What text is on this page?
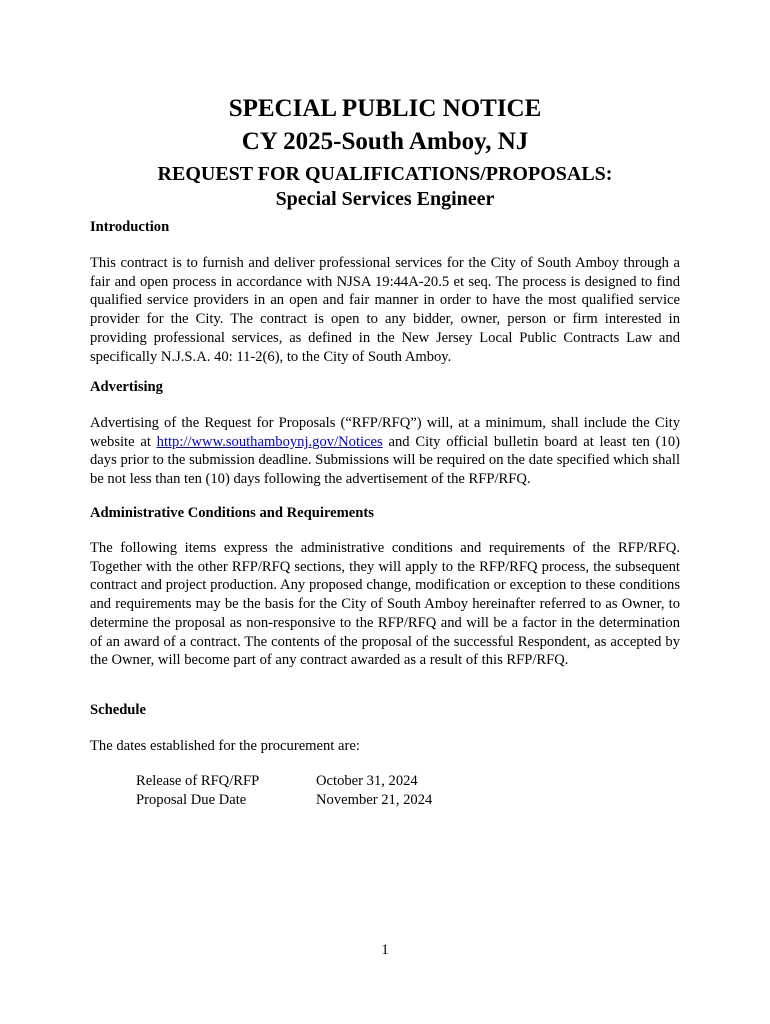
SPECIAL PUBLIC NOTICE
CY 2025-South Amboy, NJ
REQUEST FOR QUALIFICATIONS/PROPOSALS:
Special Services Engineer
Introduction

This contract is to furnish and deliver professional services for the City of South Amboy through a fair and open process in accordance with NJSA 19:44A-20.5 et seq. The process is designed to find qualified service providers in an open and fair manner in order to have the most qualified service provider for the City. The contract is open to any bidder, owner, person or firm interested in providing professional services, as defined in the New Jersey Local Public Contracts Law and specifically N.J.S.A. 40: 11-2(6), to the City of South Amboy.

Advertising

Advertising of the Request for Proposals (“RFP/RFQ”) will, at a minimum, shall include the City website at http://www.southamboynj.gov/Notices and City official bulletin board at least ten (10) days prior to the submission deadline. Submissions will be required on the date specified which shall be not less than ten (10) days following the advertisement of the RFP/RFQ.

Administrative Conditions and Requirements

The following items express the administrative conditions and requirements of the RFP/RFQ. Together with the other RFP/RFQ sections, they will apply to the RFP/RFQ process, the subsequent contract and project production. Any proposed change, modification or exception to these conditions and requirements may be the basis for the City of South Amboy hereinafter referred to as Owner, to determine the proposal as non-responsive to the RFP/RFQ and will be a factor in the determination of an award of a contract. The contents of the proposal of the successful Respondent, as accepted by the Owner, will become part of any contract awarded as a result of this RFP/RFQ.

Schedule

The dates established for the procurement are:

Release of RFQ/RFP	October 31, 2024
Proposal Due Date	November 21, 2024
1
